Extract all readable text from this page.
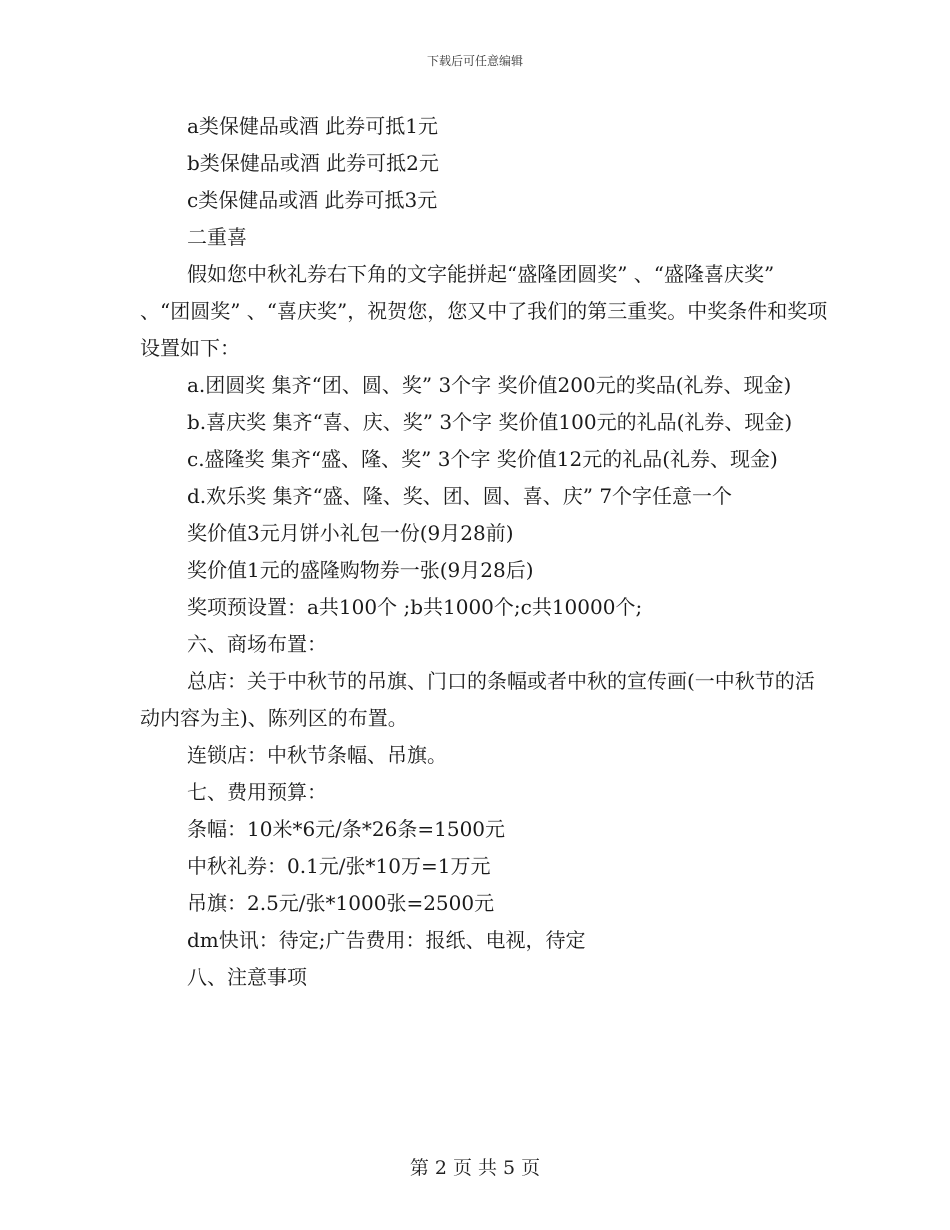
下载后可任意编辑

a类保健品或酒 此券可抵1元

b类保健品或酒 此券可抵2元

c类保健品或酒 此券可抵3元

二重喜

假如您中秋礼券右下角的文字能拼起“盛隆团圆奖” 、“盛隆喜庆奖” 、“团圆奖” 、“喜庆奖”，祝贺您，您又中了我们的第三重奖。中奖条件和奖项设置如下：

a.团圆奖 集齐“团、圆、奖” 3个字 奖价值200元的奖品(礼券、现金)

b.喜庆奖 集齐“喜、庆、奖” 3个字 奖价值100元的礼品(礼券、现金)

c.盛隆奖 集齐“盛、隆、奖” 3个字 奖价值12元的礼品(礼券、现金)

d.欢乐奖 集齐“盛、隆、奖、团、圆、喜、庆” 7个字任意一个

奖价值3元月饼小礼包一份(9月28前)

奖价值1元的盛隆购物券一张(9月28后)

奖项预设置：a共100个 ;b共1000个;c共10000个;

六、商场布置：

总店：关于中秋节的吊旗、门口的条幅或者中秋的宣传画(一中秋节的活动内容为主)、陈列区的布置。

连锁店：中秋节条幅、吊旗。

七、费用预算：

条幅：10米*6元/条*26条=1500元

中秋礼券：0.1元/张*10万=1万元

吊旗：2.5元/张*1000张=2500元

dm快讯：待定;广告费用：报纸、电视，待定

八、注意事项

第 2 页 共 5 页
